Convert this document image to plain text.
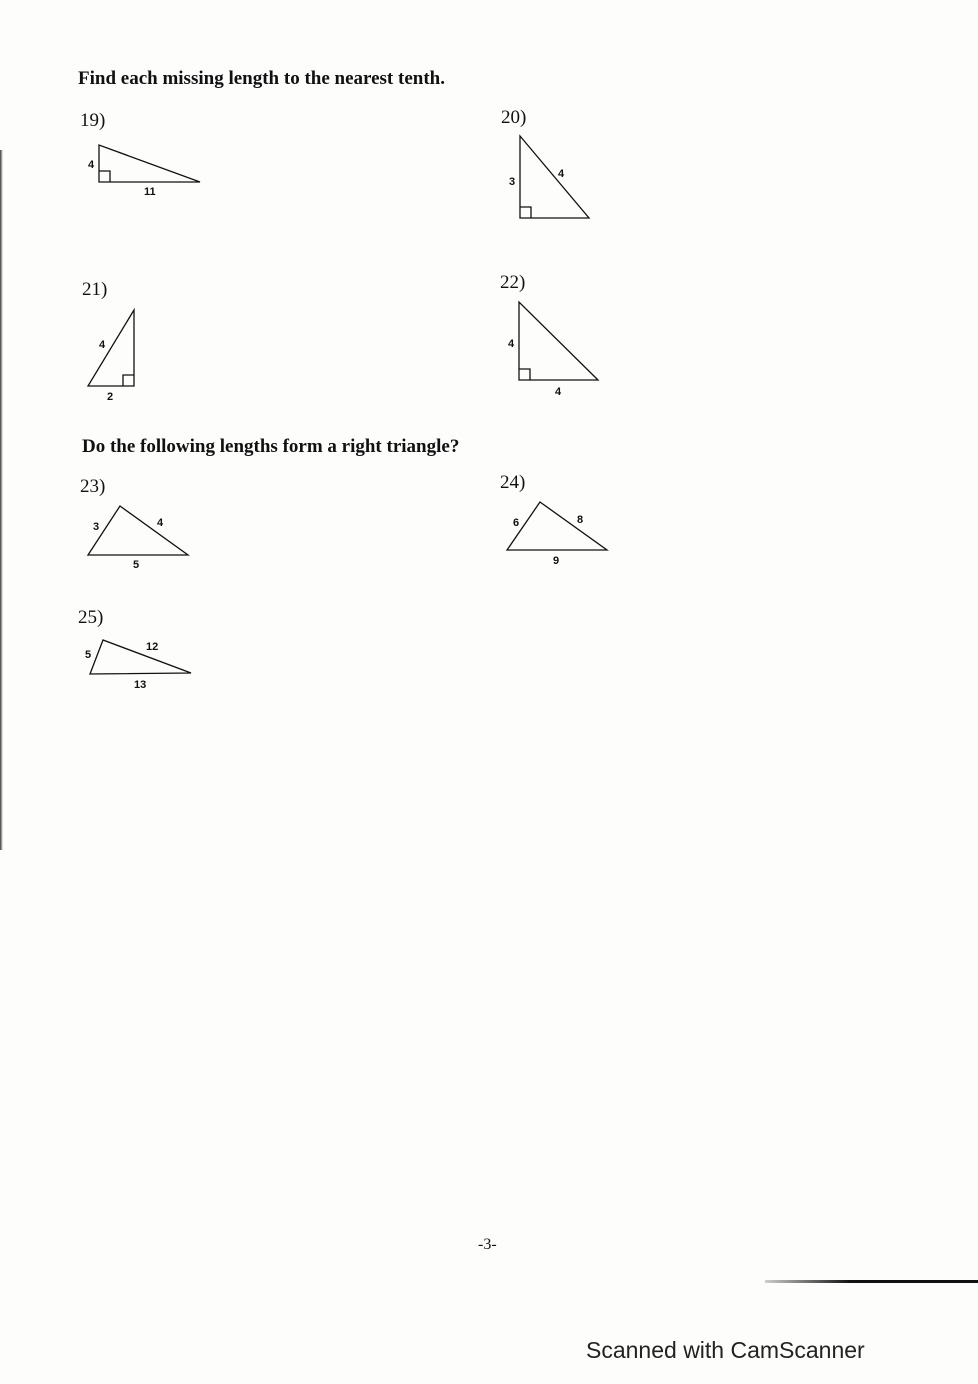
Find each missing length to the nearest tenth.
19)
4
11
20)
3
4
21)
4
2
22)
4
4
Do the following lengths form a right triangle?
23)
3	4
5
24)
6	8
9
25)
5
12
13
-3-
Scanned with CamScanner
